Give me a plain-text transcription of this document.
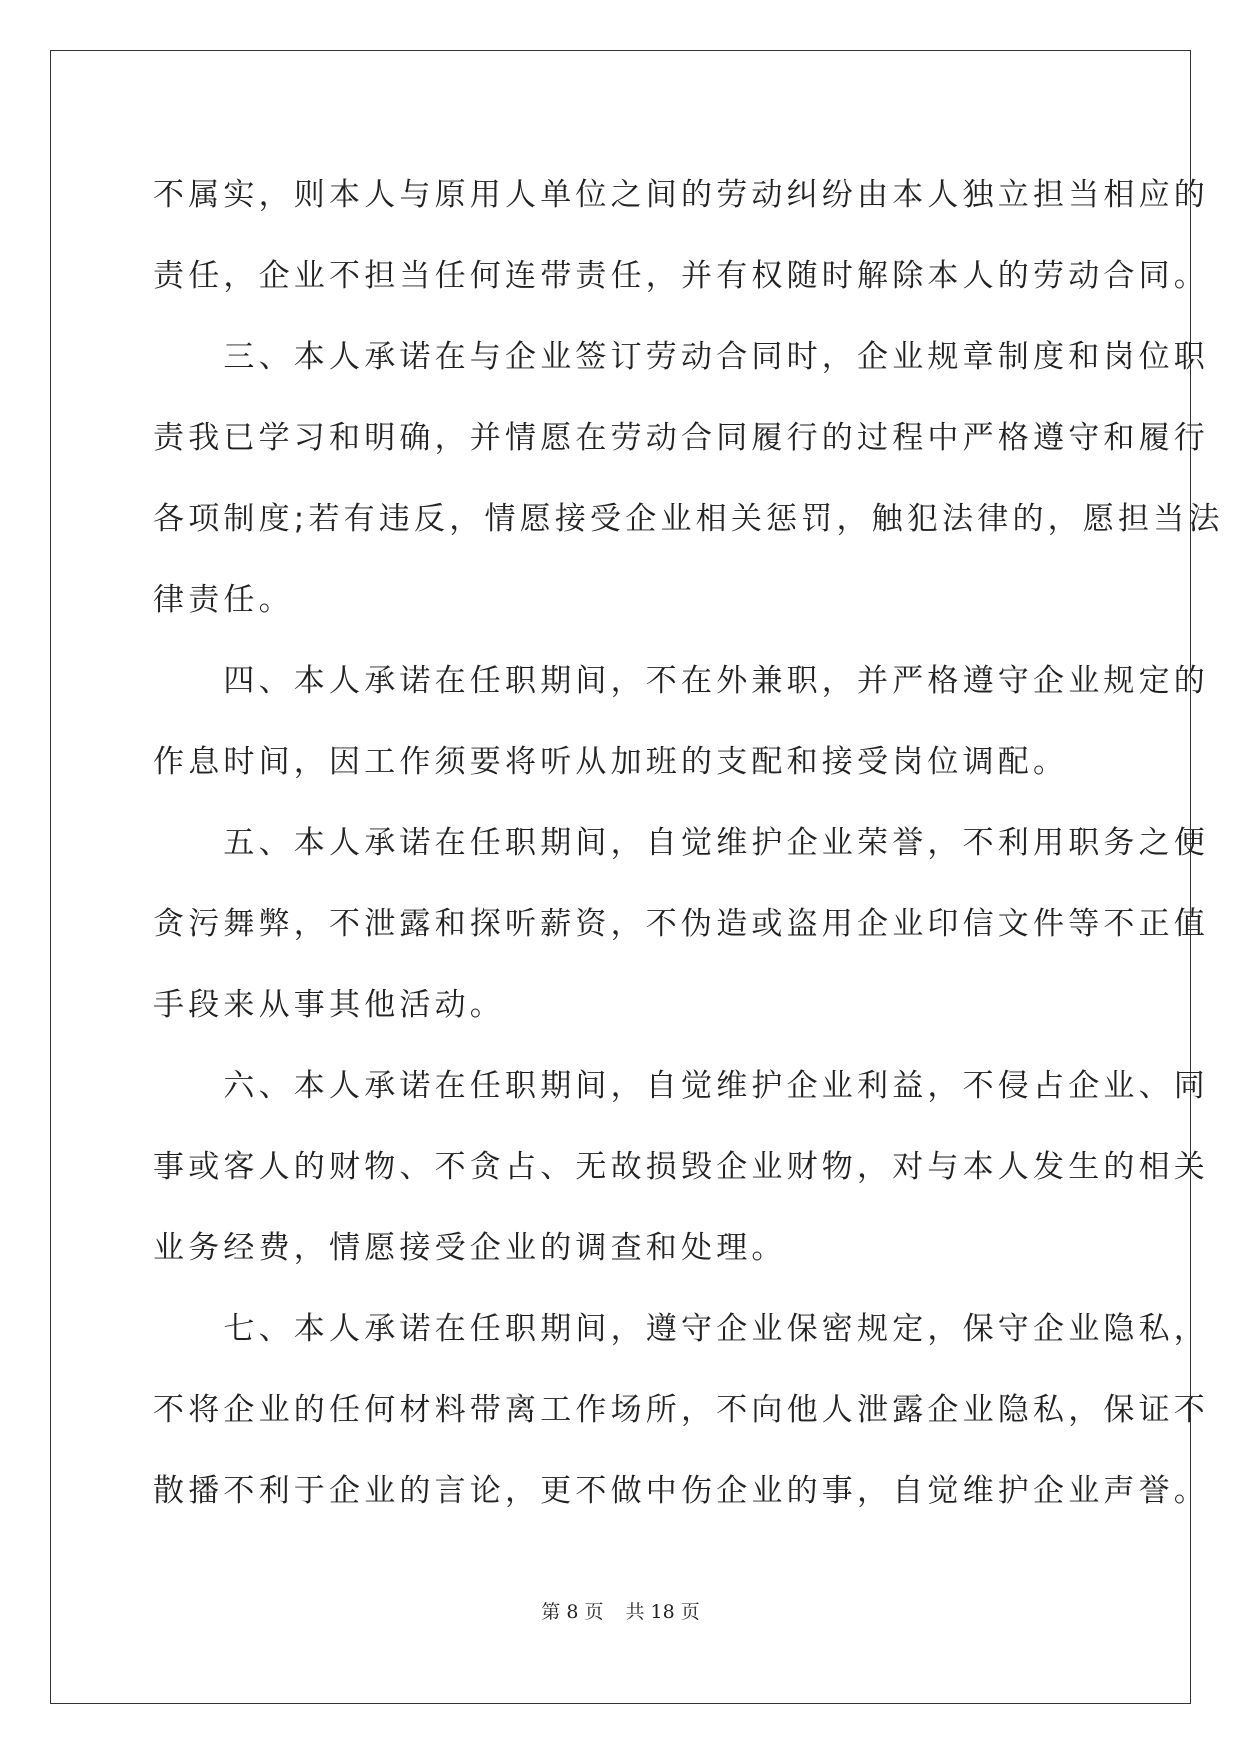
不属实，则本人与原用人单位之间的劳动纠纷由本人独立担当相应的

责任，企业不担当任何连带责任，并有权随时解除本人的劳动合同。

　　三、本人承诺在与企业签订劳动合同时，企业规章制度和岗位职

责我已学习和明确，并情愿在劳动合同履行的过程中严格遵守和履行

各项制度;若有违反，情愿接受企业相关惩罚，触犯法律的，愿担当法

律责任。

　　四、本人承诺在任职期间，不在外兼职，并严格遵守企业规定的

作息时间，因工作须要将听从加班的支配和接受岗位调配。

　　五、本人承诺在任职期间，自觉维护企业荣誉，不利用职务之便

贪污舞弊，不泄露和探听薪资，不伪造或盗用企业印信文件等不正值

手段来从事其他活动。

　　六、本人承诺在任职期间，自觉维护企业利益，不侵占企业、同

事或客人的财物、不贪占、无故损毁企业财物，对与本人发生的相关

业务经费，情愿接受企业的调查和处理。

　　七、本人承诺在任职期间，遵守企业保密规定，保守企业隐私，

不将企业的任何材料带离工作场所，不向他人泄露企业隐私，保证不

散播不利于企业的言论，更不做中伤企业的事，自觉维护企业声誉。

第 8 页 共 18 页
